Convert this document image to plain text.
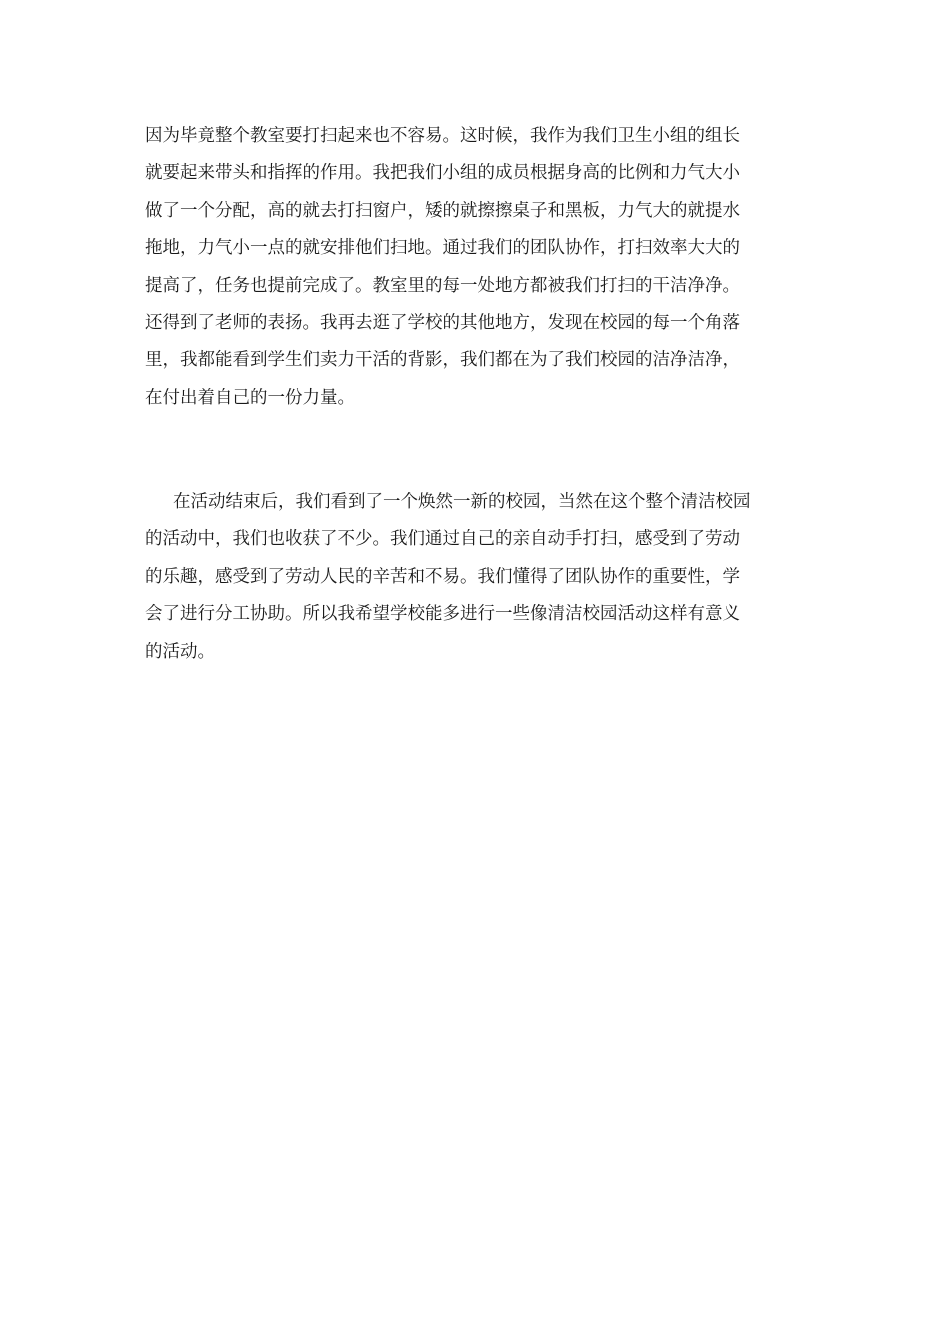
因为毕竟整个教室要打扫起来也不容易。这时候，我作为我们卫生小组的组长
就要起来带头和指挥的作用。我把我们小组的成员根据身高的比例和力气大小
做了一个分配，高的就去打扫窗户，矮的就擦擦桌子和黑板，力气大的就提水
拖地，力气小一点的就安排他们扫地。通过我们的团队协作，打扫效率大大的
提高了，任务也提前完成了。教室里的每一处地方都被我们打扫的干洁净净。
还得到了老师的表扬。我再去逛了学校的其他地方，发现在校园的每一个角落
里，我都能看到学生们卖力干活的背影，我们都在为了我们校园的洁净洁净，
在付出着自己的一份力量。

在活动结束后，我们看到了一个焕然一新的校园，当然在这个整个清洁校园
的活动中，我们也收获了不少。我们通过自己的亲自动手打扫，感受到了劳动
的乐趣，感受到了劳动人民的辛苦和不易。我们懂得了团队协作的重要性，学
会了进行分工协助。所以我希望学校能多进行一些像清洁校园活动这样有意义
的活动。
